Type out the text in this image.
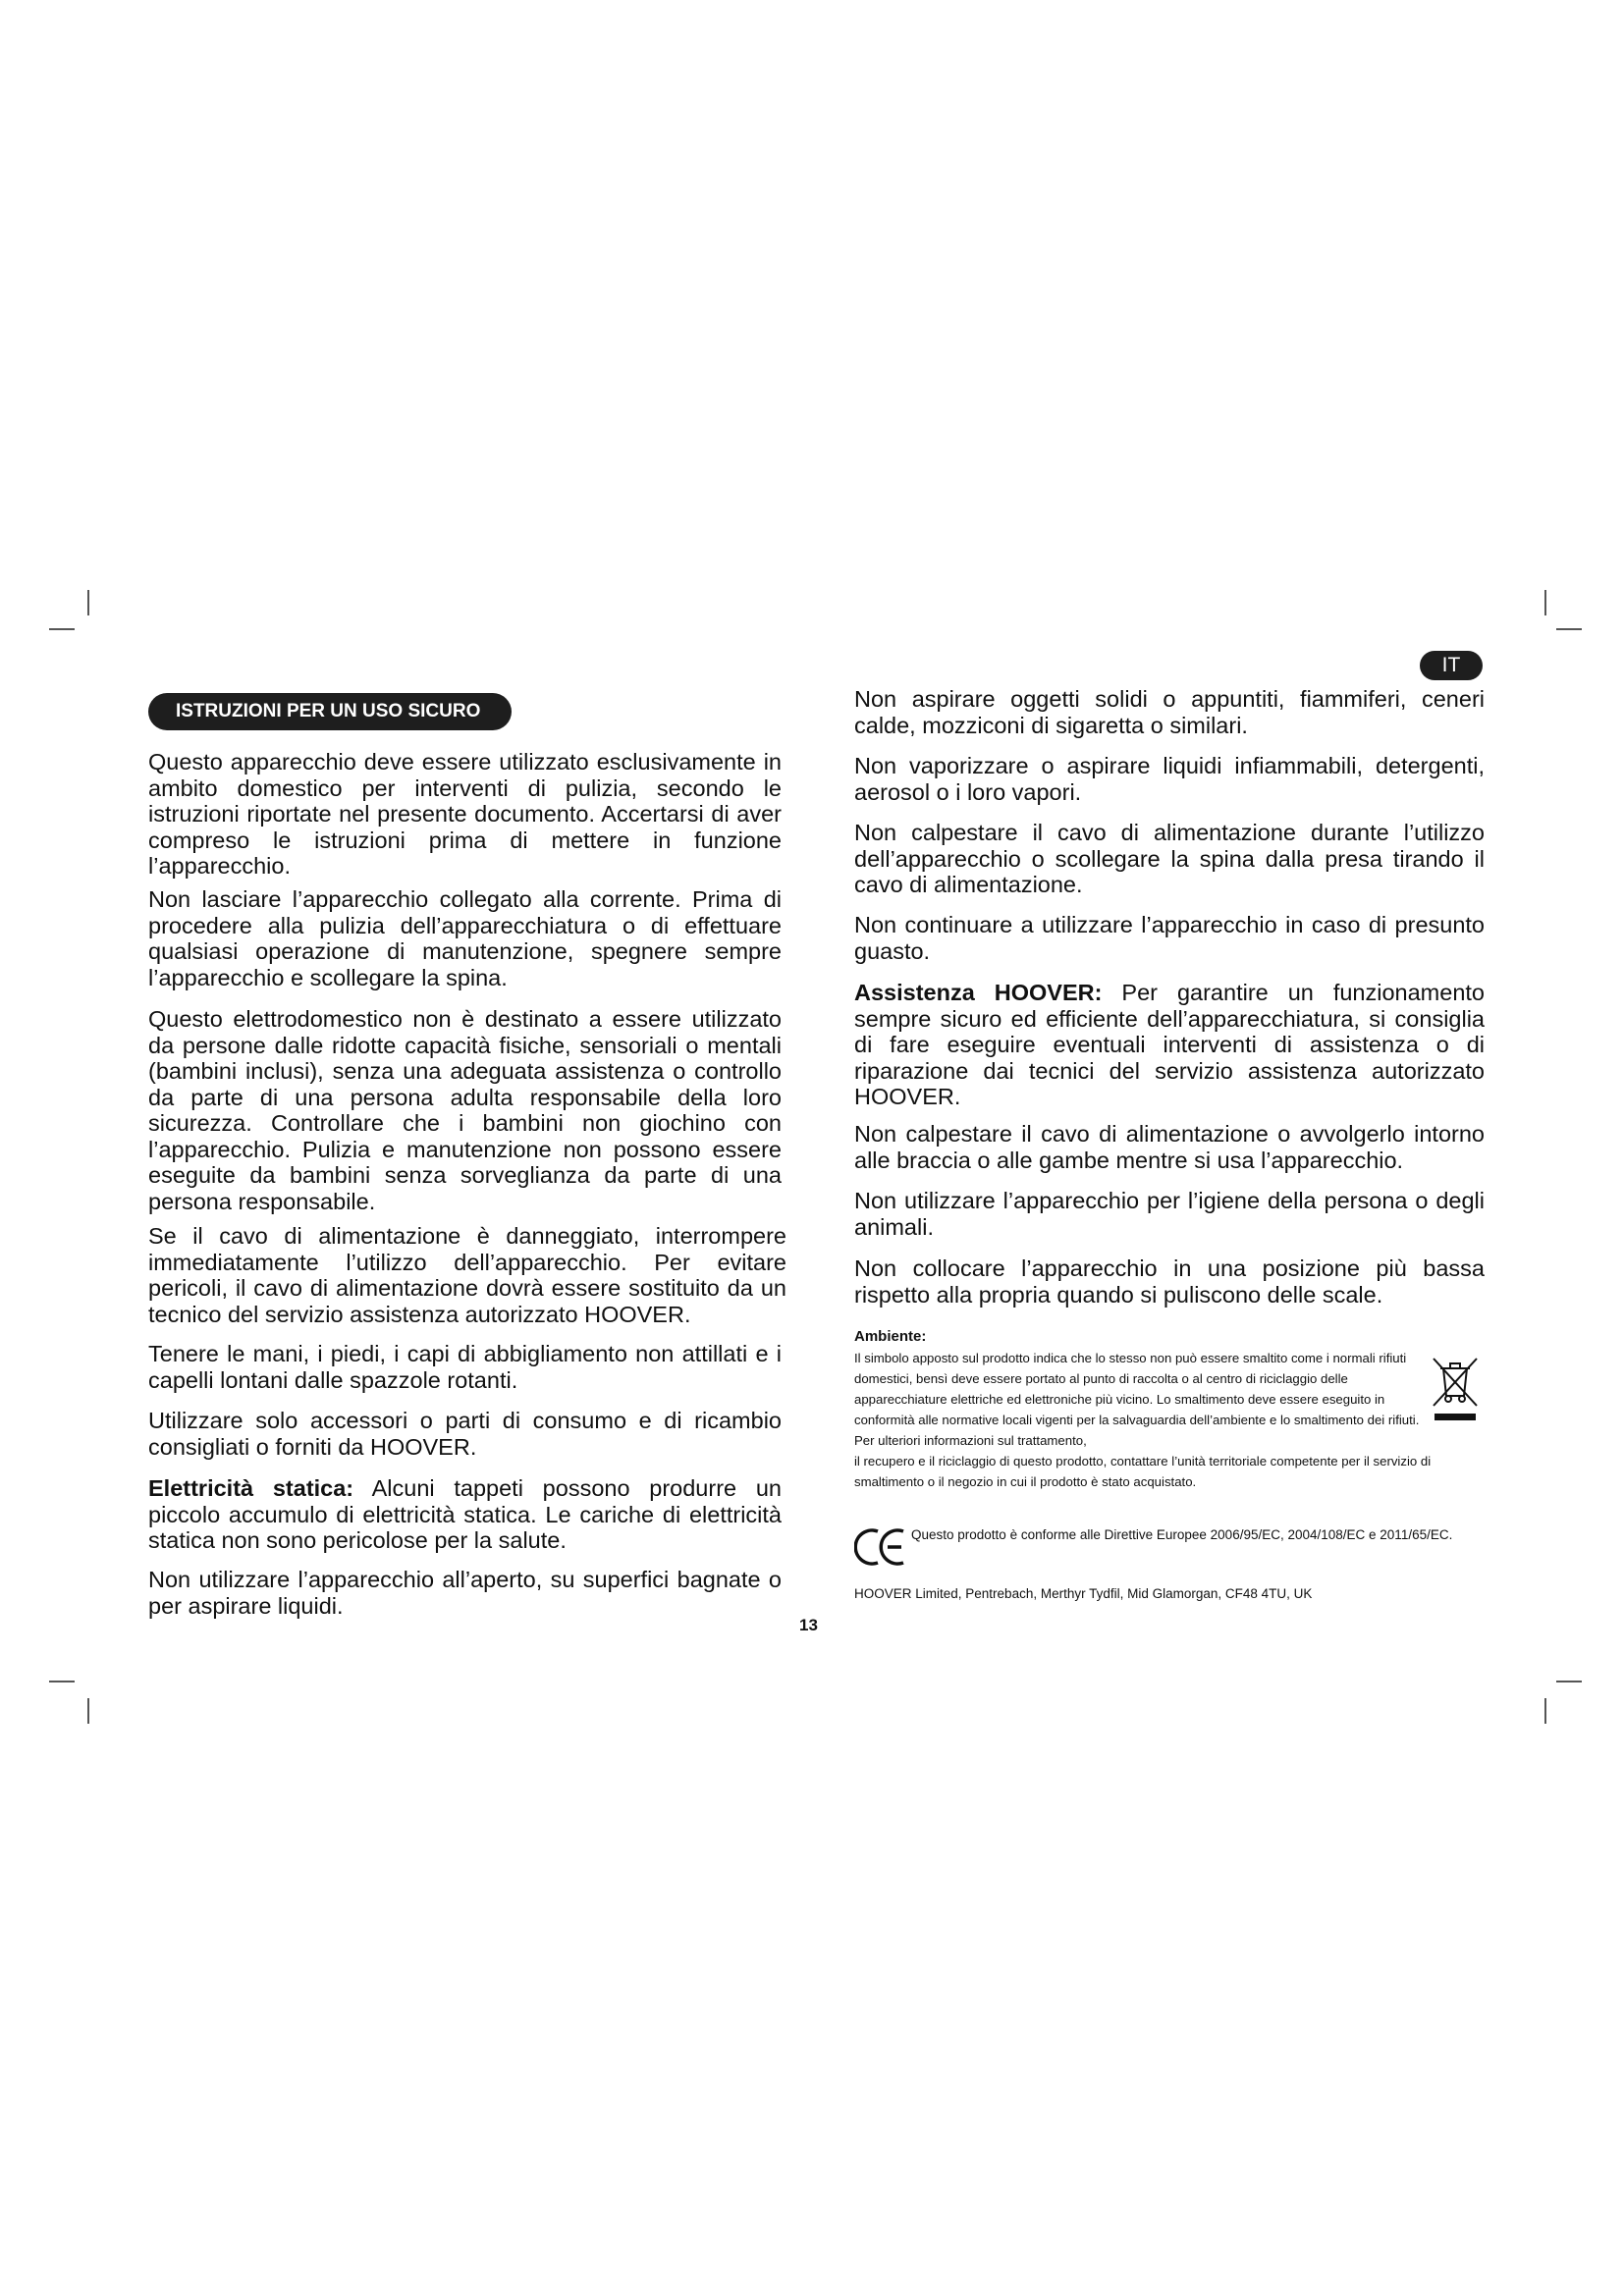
ISTRUZIONI PER UN USO SICURO
IT

Questo apparecchio deve essere utilizzato esclusivamente in ambito domestico per interventi di pulizia, secondo le istruzioni riportate nel presente documento. Accertarsi di aver compreso le istruzioni prima di mettere in funzione l’apparecchio.

Non lasciare l’apparecchio collegato alla corrente. Prima di procedere alla pulizia dell’apparecchiatura o di effettuare qualsiasi operazione di manutenzione, spegnere sempre l’apparecchio e scollegare la spina.

Questo elettrodomestico non è destinato a essere utilizzato da persone dalle ridotte capacità fisiche, sensoriali o mentali (bambini inclusi), senza una adeguata assistenza o controllo da parte di una persona adulta responsabile della loro sicurezza. Controllare che i bambini non giochino con l’apparecchio. Pulizia e manutenzione non possono essere eseguite da bambini senza sorveglianza da parte di una persona responsabile.

Se il cavo di alimentazione è danneggiato, interrompere immediatamente l’utilizzo dell’apparecchio. Per evitare pericoli, il cavo di alimentazione dovrà essere sostituito da un tecnico del servizio assistenza autorizzato HOOVER.

Tenere le mani, i piedi, i capi di abbigliamento non attillati e i capelli lontani dalle spazzole rotanti.

Utilizzare solo accessori o parti di consumo e di ricambio consigliati o forniti da HOOVER.

Elettricità statica: Alcuni tappeti possono produrre un piccolo accumulo di elettricità statica. Le cariche di elettricità statica non sono pericolose per la salute.

Non utilizzare l’apparecchio all’aperto, su superfici bagnate o per aspirare liquidi.

Non aspirare oggetti solidi o appuntiti, fiammiferi, ceneri calde, mozziconi di sigaretta o similari.

Non vaporizzare o aspirare liquidi infiammabili, detergenti, aerosol o i loro vapori.

Non calpestare il cavo di alimentazione durante l’utilizzo dell’apparecchio o scollegare la spina dalla presa tirando il cavo di alimentazione.

Non continuare a utilizzare l’apparecchio in caso di presunto guasto.

Assistenza HOOVER: Per garantire un funzionamento sempre sicuro ed efficiente dell’apparecchiatura, si consiglia di fare eseguire eventuali interventi di assistenza o di riparazione dai tecnici del servizio assistenza autorizzato HOOVER.

Non calpestare il cavo di alimentazione o avvolgerlo intorno alle braccia o alle gambe mentre si usa l’apparecchio.

Non utilizzare l’apparecchio per l’igiene della persona o degli animali.

Non collocare l’apparecchio in una posizione più bassa rispetto alla propria quando si puliscono delle scale.

Ambiente:

Il simbolo apposto sul prodotto indica che lo stesso non può essere smaltito come i normali rifiuti domestici, bensì deve essere portato al punto di raccolta o al centro di riciclaggio delle apparecchiature elettriche ed elettroniche più vicino. Lo smaltimento deve essere eseguito in conformità alle normative locali vigenti per la salvaguardia dell’ambiente e lo smaltimento dei rifiuti. Per ulteriori informazioni sul trattamento,
il recupero e il riciclaggio di questo prodotto, contattare l’unità territoriale competente per il servizio di smaltimento o il negozio in cui il prodotto è stato acquistato.

Questo prodotto è conforme alle Direttive Europee 2006/95/EC, 2004/108/EC e 2011/65/EC.

HOOVER Limited, Pentrebach, Merthyr Tydfil, Mid Glamorgan, CF48 4TU, UK
13
